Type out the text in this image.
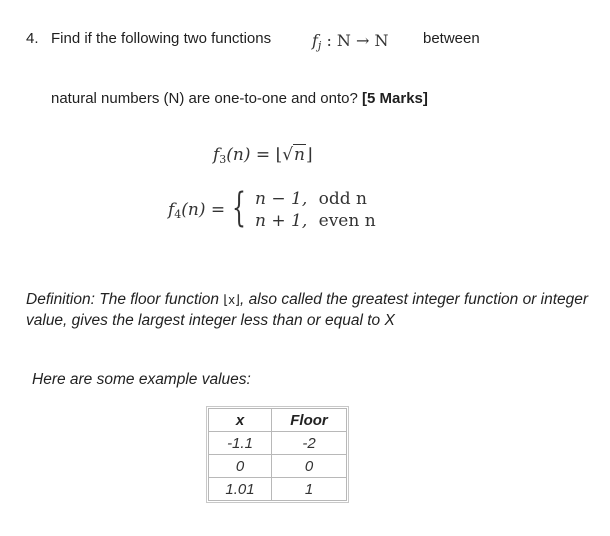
4. Find if the following two functions	$f_j$ : N → N between
natural numbers (N) are one-to-one and onto? [5 Marks]
$f_3(n)$ = ⌊√n⌋
$f_4(n)$ = { n − 1, odd n
n + 1, even n
Definition: The floor function ⌊x⌋, also called the greatest integer function or integer value, gives the largest integer less than or equal to X
Here are some example values:
x	Floor
-1.1	-2
0	0
1.01	1
